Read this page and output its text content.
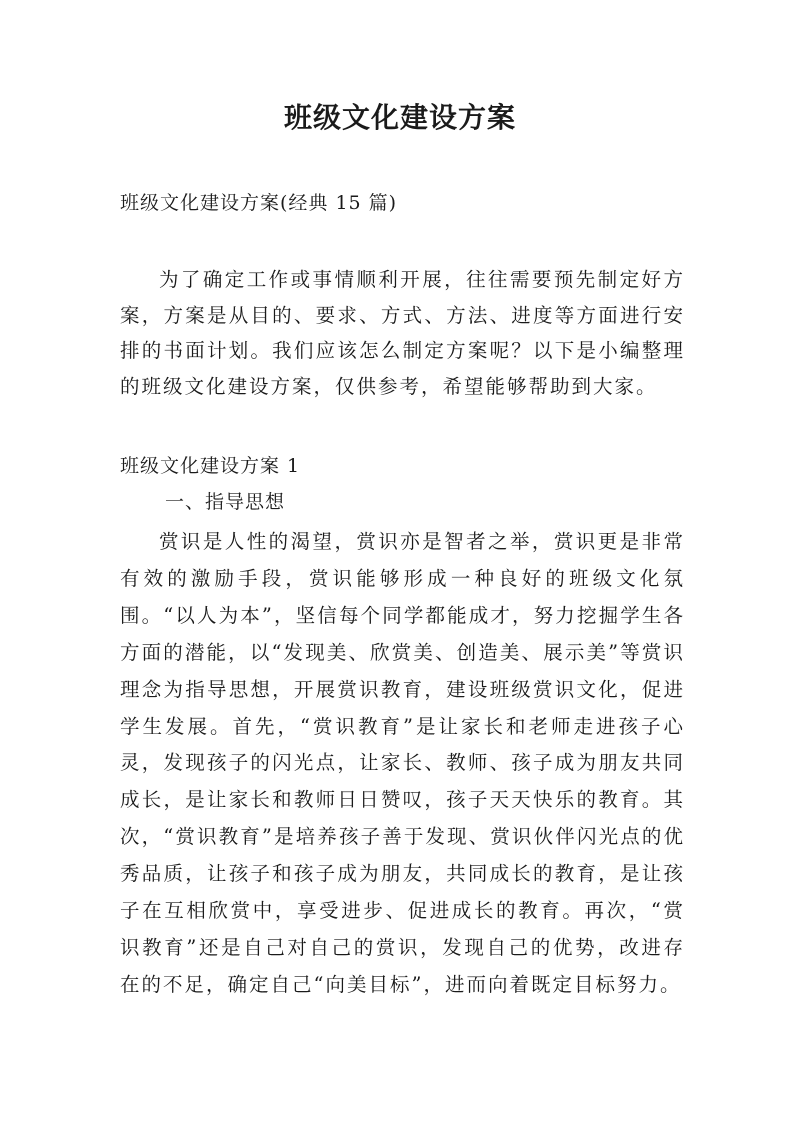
班级文化建设方案
班级文化建设方案(经典 15 篇)

为了确定工作或事情顺利开展，往往需要预先制定好方案，方案是从目的、要求、方式、方法、进度等方面进行安排的书面计划。我们应该怎么制定方案呢？以下是小编整理的班级文化建设方案，仅供参考，希望能够帮助到大家。

班级文化建设方案 1
一、指导思想

赏识是人性的渴望，赏识亦是智者之举，赏识更是非常有效的激励手段，赏识能够形成一种良好的班级文化氛围。“以人为本”，坚信每个同学都能成才，努力挖掘学生各方面的潜能，以“发现美、欣赏美、创造美、展示美”等赏识理念为指导思想，开展赏识教育，建设班级赏识文化，促进学生发展。首先，“赏识教育”是让家长和老师走进孩子心灵，发现孩子的闪光点，让家长、教师、孩子成为朋友共同成长，是让家长和教师日日赞叹，孩子天天快乐的教育。其次，“赏识教育”是培养孩子善于发现、赏识伙伴闪光点的优秀品质，让孩子和孩子成为朋友，共同成长的教育，是让孩子在互相欣赏中，享受进步、促进成长的教育。再次，“赏识教育”还是自己对自己的赏识，发现自己的优势，改进存在的不足，确定自己“向美目标”，进而向着既定目标努力。
